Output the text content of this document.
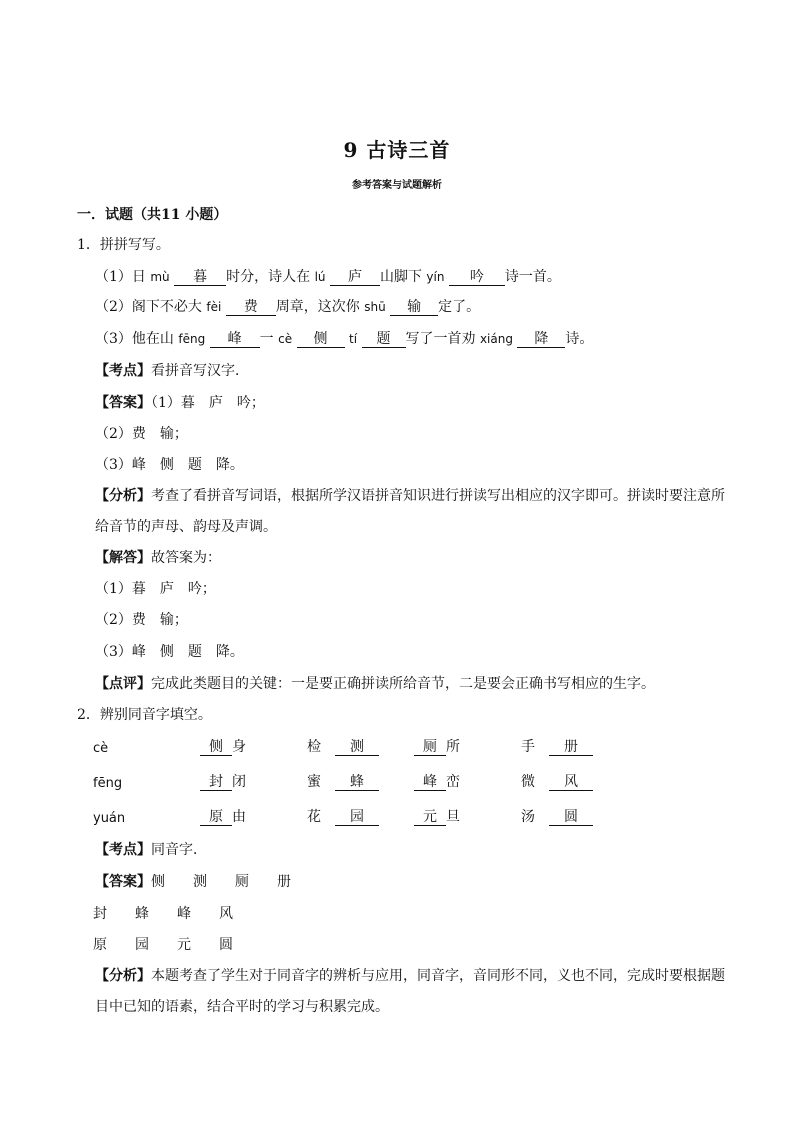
9 古诗三首
参考答案与试题解析
一．试题（共11 小题）
1．拼拼写写。
（1）日 mù 暮 时分，诗人在 lú 庐 山脚下 yín 吟 诗一首。
（2）阁下不必大 fèi 费 周章，这次你 shū 输 定了。
（3）他在山 fēng 峰 一 cè 侧 tí 题 写了一首劝 xiáng 降 诗。
【考点】看拼音写汉字．
【答案】（1）暮　庐　吟；
（2）费　输；
（3）峰　侧　题　降。
【分析】考查了看拼音写词语，根据所学汉语拼音知识进行拼读写出相应的汉字即可。拼读时要注意所
给音节的声母、韵母及声调。
【解答】故答案为：
（1）暮　庐　吟；
（2）费　输；
（3）峰　侧　题　降。
【点评】完成此类题目的关键：一是要正确拼读所给音节，二是要会正确书写相应的生字。
2．辨别同音字填空。
cè	侧 身	检 测	厕 所	手 册
fēng	封 闭	蜜 蜂	峰 峦	微 风
yuán	原 由	花 园	元 旦	汤 圆
【考点】同音字．
【答案】侧　　测　　厕　　册
封　　蜂　　峰　　风
原　　园　　元　　圆
【分析】本题考查了学生对于同音字的辨析与应用，同音字，音同形不同，义也不同，完成时要根据题
目中已知的语素，结合平时的学习与积累完成。
